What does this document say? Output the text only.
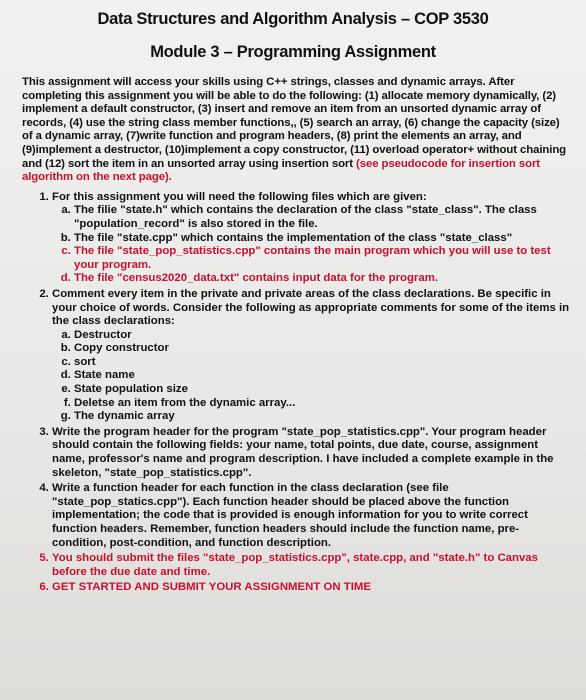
Data Structures and Algorithm Analysis – COP 3530
Module 3 – Programming Assignment

This assignment will access your skills using C++ strings, classes and dynamic arrays. After completing this assignment you will be able to do the following: (1) allocate memory dynamically, (2) implement a default constructor, (3) insert and remove an item from an unsorted dynamic array of records, (4) use the string class member functions,, (5) search an array, (6) change the capacity (size) of a dynamic array, (7)write function and program headers, (8) print the elements an array, and (9)implement a destructor, (10)implement a copy constructor, (11) overload operator+ without chaining and (12) sort the item in an unsorted array using insertion sort (see pseudocode for insertion sort algorithm on the next page).

1. For this assignment you will need the following files which are given:
a. The filie "state.h" which contains the declaration of the class "state_class". The class "population_record" is also stored in the file.
b. The file "state.cpp" which contains the implementation of the class "state_class"
c. The file "state_pop_statistics.cpp" contains the main program which you will use to test your program.
d. The file "census2020_data.txt" contains input data for the program.
2. Comment every item in the private and private areas of the class declarations. Be specific in your choice of words. Consider the following as appropriate comments for some of the items in the class declarations:
a. Destructor
b. Copy constructor
c. sort
d. State name
e. State population size
f. Deletse an item from the dynamic array...
g. The dynamic array
3. Write the program header for the program "state_pop_statistics.cpp". Your program header should contain the following fields: your name, total points, due date, course, assignment name, professor's name and program description. I have included a complete example in the skeleton, "state_pop_statistics.cpp".
4. Write a function header for each function in the class declaration (see file "state_pop_statics.cpp"). Each function header should be placed above the function implementation; the code that is provided is enough information for you to write correct function headers. Remember, function headers should include the function name, pre-condition, post-condition, and function description.
5. You should submit the files "state_pop_statistics.cpp", state.cpp, and "state.h" to Canvas before the due date and time.
6. GET STARTED AND SUBMIT YOUR ASSIGNMENT ON TIME
